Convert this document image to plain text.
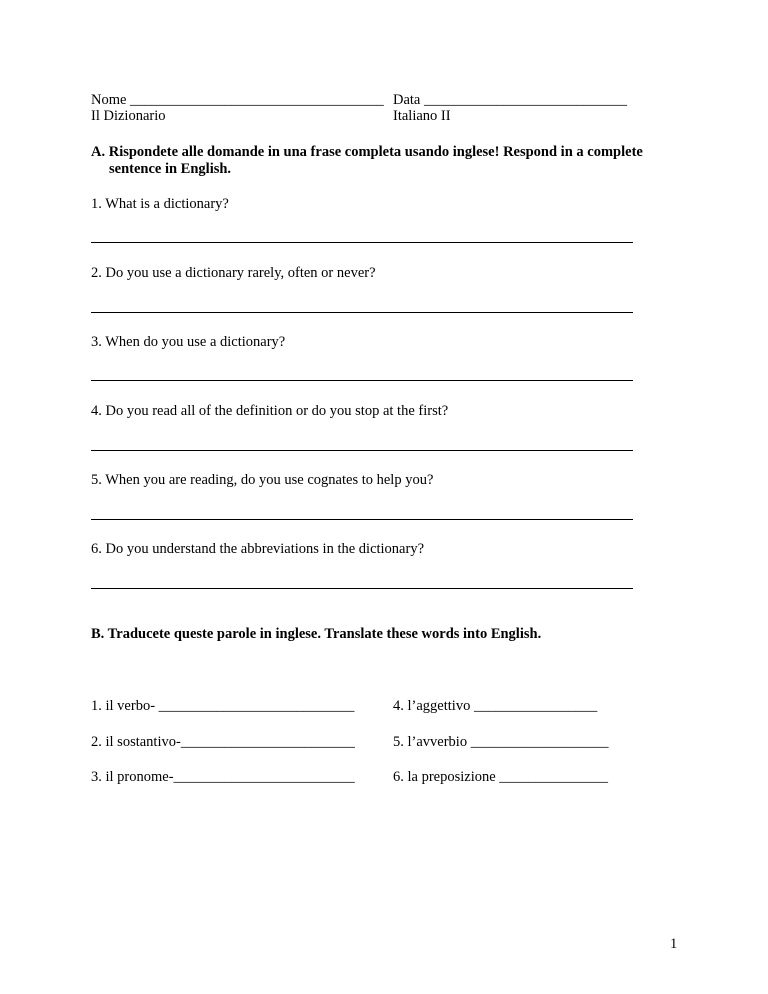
Nome ___________________________________ Data ____________________________
Il Dizionario	Italiano II
A. Rispondete alle domande in una frase completa usando inglese! Respond in a complete
sentence in English.
1. What is a dictionary?
2. Do you use a dictionary rarely, often or never?
3. When do you use a dictionary?
4. Do you read all of the definition or do you stop at the first?
5. When you are reading, do you use cognates to help you?
6. Do you understand the abbreviations in the dictionary?
B. Traducete queste parole in inglese. Translate these words into English.
1. il verbo- ___________________________	4. l’aggettivo _________________
2. il sostantivo-________________________	5. l’avverbio ___________________
3. il pronome-_________________________	6. la preposizione _______________
1
